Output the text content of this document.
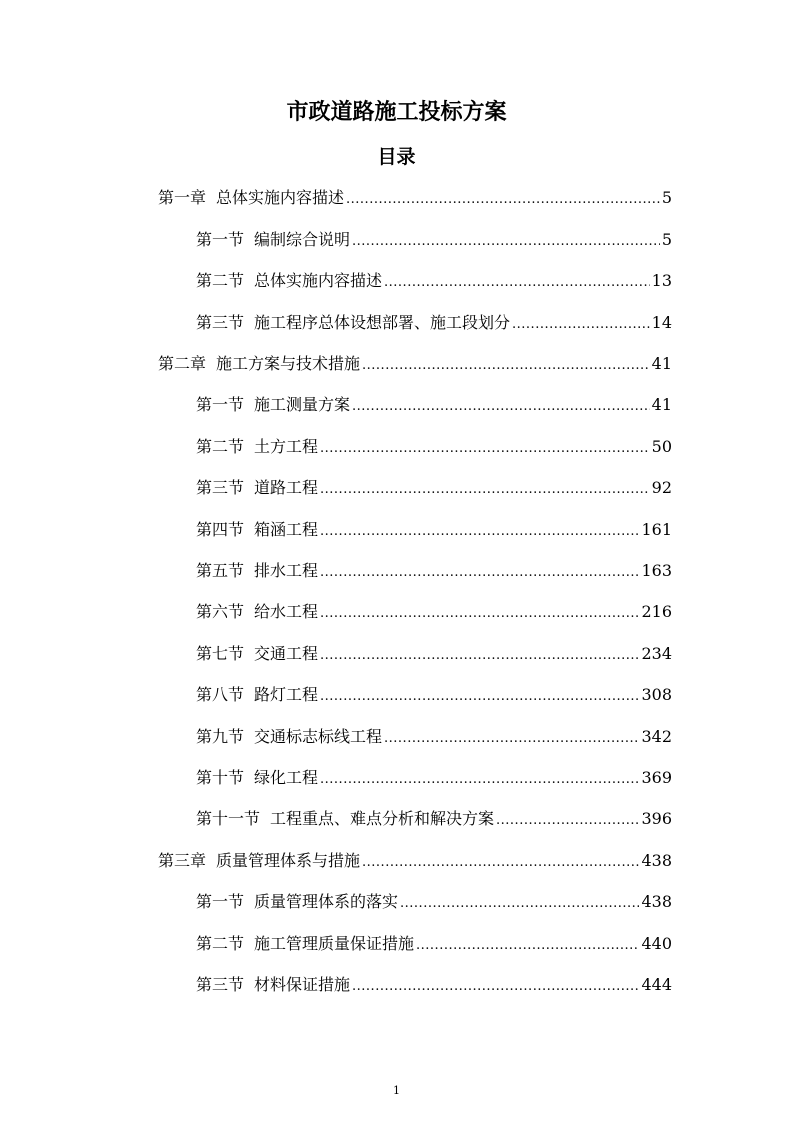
市政道路施工投标方案
目录
第一章 总体实施内容描述 .....	5
第一节 编制综合说明 .....	5
第二节 总体实施内容描述 .....	13
第三节 施工程序总体设想部署、施工段划分 .....	14
第二章 施工方案与技术措施 .....	41
第一节 施工测量方案 .....	41
第二节 土方工程 .....	50
第三节 道路工程 .....	92
第四节 箱涵工程 .....	161
第五节 排水工程 .....	163
第六节 给水工程 .....	216
第七节 交通工程 .....	234
第八节 路灯工程 .....	308
第九节 交通标志标线工程 .....	342
第十节 绿化工程 .....	369
第十一节 工程重点、难点分析和解决方案 .....	396
第三章 质量管理体系与措施 .....	438
第一节 质量管理体系的落实 .....	438
第二节 施工管理质量保证措施 .....	440
第三节 材料保证措施 .....	444
1
